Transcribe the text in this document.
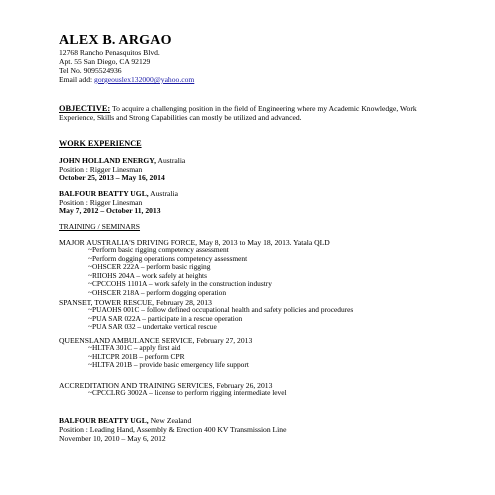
ALEX B. ARGAO
12768 Rancho Penasquitos Blvd.
Apt. 55 San Diego, CA 92129
Tel No. 9095524936
Email add: gorgeouslex132000@yahoo.com
OBJECTIVE: To acquire a challenging position in the field of Engineering where my Academic Knowledge, Work Experience, Skills and Strong Capabilities can mostly be utilized and advanced.
WORK EXPERIENCE
JOHN HOLLAND ENERGY, Australia
Position : Rigger Linesman
October 25, 2013 – May 16, 2014
BALFOUR BEATTY UGL, Australia
Position : Rigger Linesman
May 7, 2012 – October 11, 2013
TRAINING / SEMINARS
MAJOR AUSTRALIA'S DRIVING FORCE, May 8, 2013 to May 18, 2013. Yatala QLD
~Perform basic rigging competency assessment
~Perform dogging operations competency assessment
~OHSCER 222A – perform basic rigging
~RIIOHS 204A – work safely at heights
~CPCCOHS 1101A – work safely in the construction industry
~OHSCER 218A – perform dogging operation
SPANSET, TOWER RESCUE, February 28, 2013
~PUAOHS 001C – follow defined occupational health and safety policies and procedures
~PUA SAR 022A – participate in a rescue operation
~PUA SAR 032 – undertake vertical rescue
QUEENSLAND AMBULANCE SERVICE, February 27, 2013
~HLTFA 301C – apply first aid
~HLTCPR 201B – perform CPR
~HLTFA 201B – provide basic emergency life support
ACCREDITATION AND TRAINING SERVICES, February 26, 2013
~CPCCLRG 3002A – license to perform rigging intermediate level
BALFOUR BEATTY UGL, New Zealand
Position : Leading Hand, Assembly & Erection 400 KV Transmission Line
November 10, 2010 – May 6, 2012
